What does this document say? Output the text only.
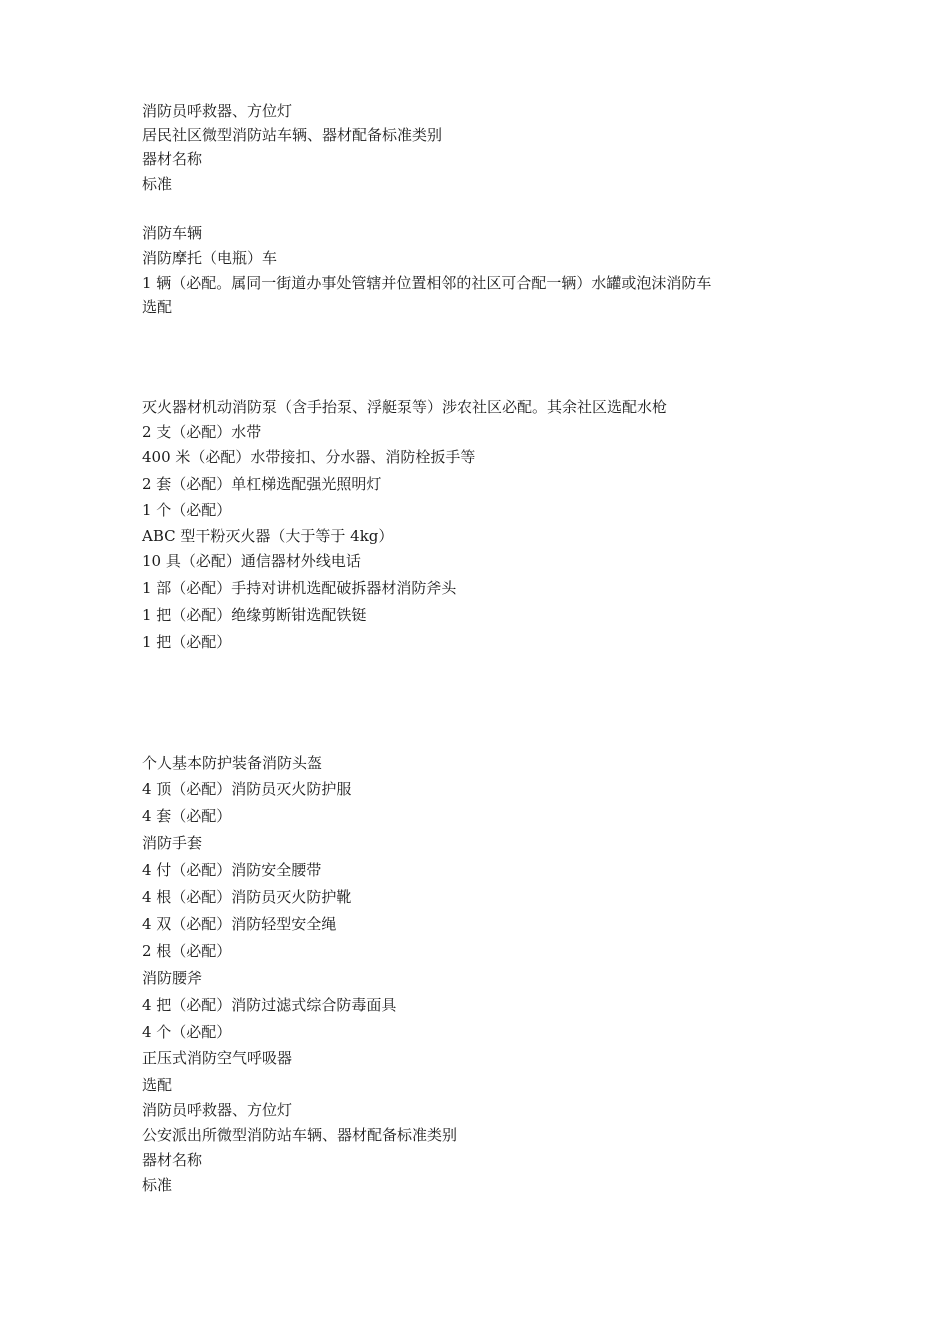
消防员呼救器、方位灯
居民社区微型消防站车辆、器材配备标准类别
器材名称
标准
消防车辆
消防摩托（电瓶）车
1 辆（必配。属同一街道办事处管辖并位置相邻的社区可合配一辆）水罐或泡沫消防车
选配
灭火器材机动消防泵（含手抬泵、浮艇泵等）涉农社区必配。其余社区选配水枪
2 支（必配）水带
400 米（必配）水带接扣、分水器、消防栓扳手等
2 套（必配）单杠梯选配强光照明灯
1 个（必配）
ABC 型干粉灭火器（大于等于 4kg）
10 具（必配）通信器材外线电话
1 部（必配）手持对讲机选配破拆器材消防斧头
1 把（必配）绝缘剪断钳选配铁铤
1 把（必配）
个人基本防护装备消防头盔
4 顶（必配）消防员灭火防护服
4 套（必配）
消防手套
4 付（必配）消防安全腰带
4 根（必配）消防员灭火防护靴
4 双（必配）消防轻型安全绳
2 根（必配）
消防腰斧
4 把（必配）消防过滤式综合防毒面具
4 个（必配）
正压式消防空气呼吸器
选配
消防员呼救器、方位灯
公安派出所微型消防站车辆、器材配备标准类别
器材名称
标准
